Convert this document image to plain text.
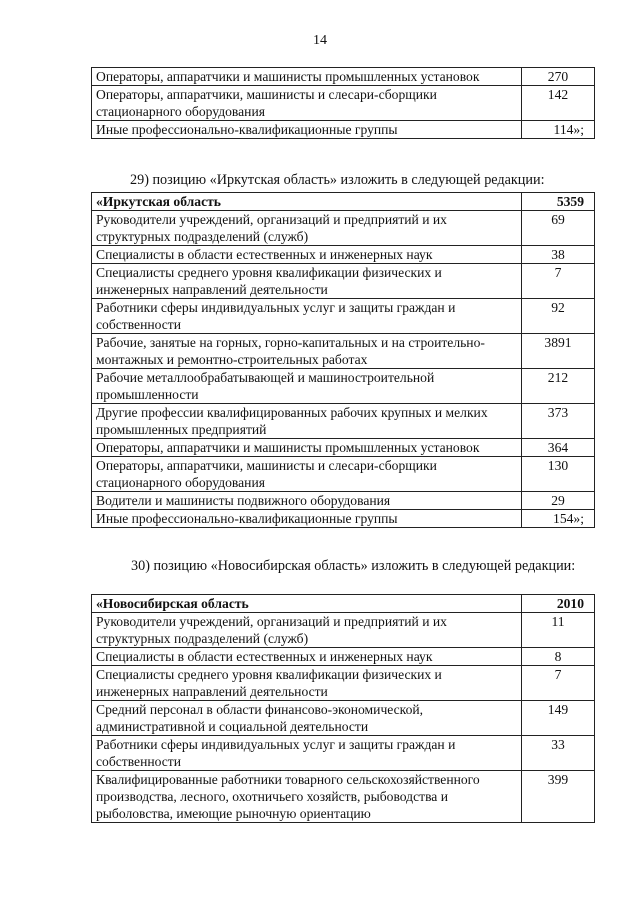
14
Операторы, аппаратчики и машинисты промышленных установок	270
Операторы, аппаратчики, машинисты и слесари-сборщики стационарного оборудования	142
Иные профессионально-квалификационные группы	114»;
29) позицию «Иркутская область» изложить в следующей редакции:
«Иркутская область	5359
Руководители учреждений, организаций и предприятий и их структурных подразделений (служб)	69
Специалисты в области естественных и инженерных наук	38
Специалисты среднего уровня квалификации физических и инженерных направлений деятельности	7
Работники сферы индивидуальных услуг и защиты граждан и собственности	92
Рабочие, занятые на горных, горно-капитальных и на строительно-монтажных и ремонтно-строительных работах	3891
Рабочие металлообрабатывающей и машиностроительной промышленности	212
Другие профессии квалифицированных рабочих крупных и мелких промышленных предприятий	373
Операторы, аппаратчики и машинисты промышленных установок	364
Операторы, аппаратчики, машинисты и слесари-сборщики стационарного оборудования	130
Водители и машинисты подвижного оборудования	29
Иные профессионально-квалификационные группы	154»;
30) позицию «Новосибирская область» изложить в следующей редакции:
«Новосибирская область	2010
Руководители учреждений, организаций и предприятий и их структурных подразделений (служб)	11
Специалисты в области естественных и инженерных наук	8
Специалисты среднего уровня квалификации физических и инженерных направлений деятельности	7
Средний персонал в области финансово-экономической, административной и социальной деятельности	149
Работники сферы индивидуальных услуг и защиты граждан и собственности	33
Квалифицированные работники товарного сельскохозяйственного производства, лесного, охотничьего хозяйств, рыбоводства и рыболовства, имеющие рыночную ориентацию	399
